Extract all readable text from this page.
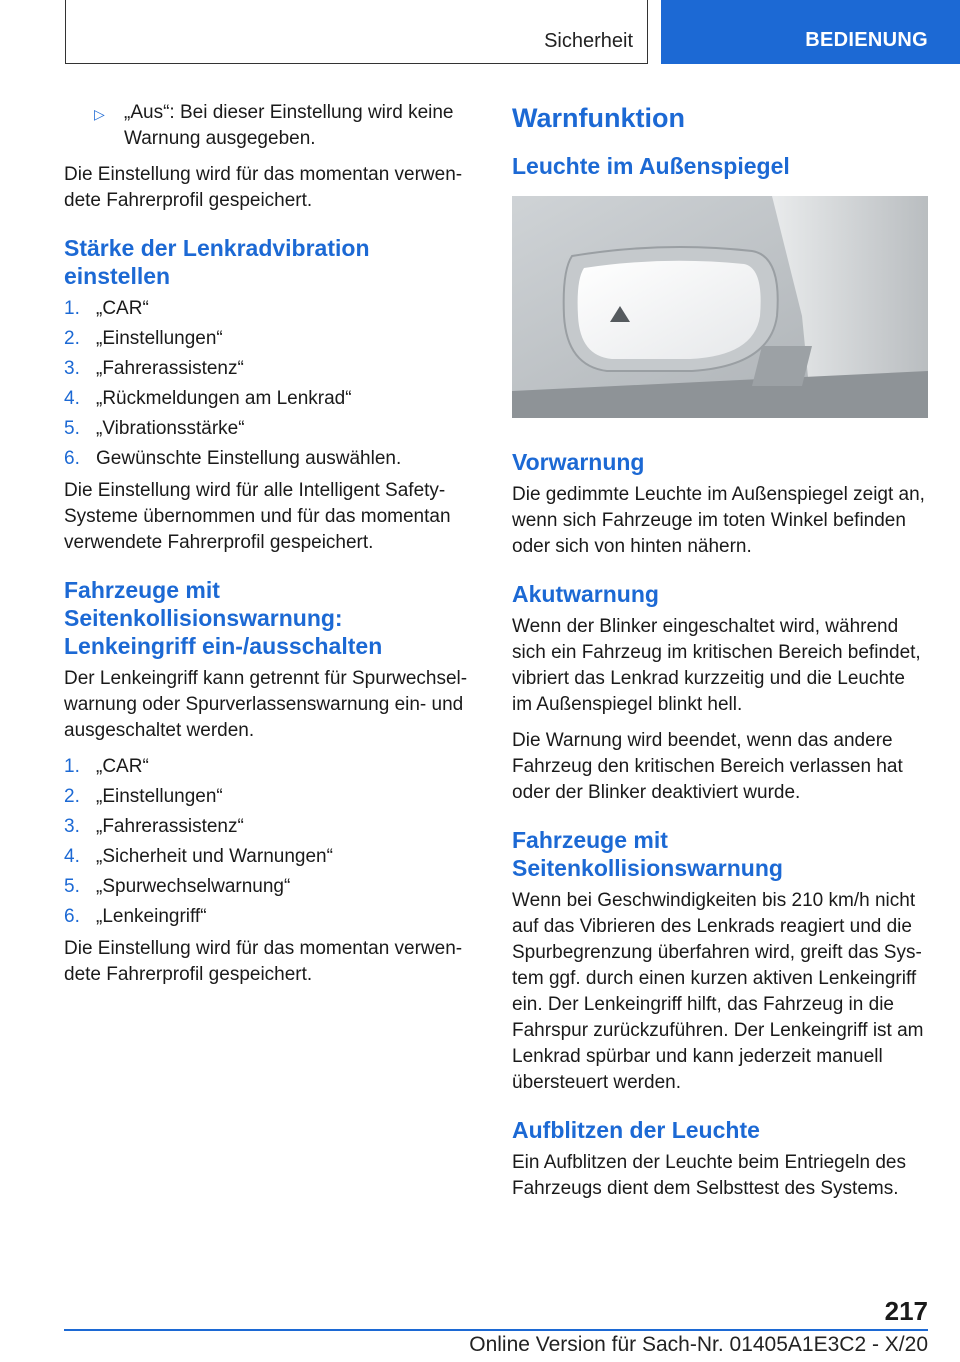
Sicherheit	BEDIENUNG

▷ „Aus“: Bei dieser Einstellung wird keine Warnung ausgegeben.

Die Einstellung wird für das momentan verwendete Fahrerprofil gespeichert.

Stärke der Lenkradvibration einstellen
1. „CAR“
2. „Einstellungen“
3. „Fahrerassistenz“
4. „Rückmeldungen am Lenkrad“
5. „Vibrationsstärke“
6. Gewünschte Einstellung auswählen.

Die Einstellung wird für alle Intelligent Safety-Systeme übernommen und für das momentan verwendete Fahrerprofil gespeichert.

Fahrzeuge mit Seitenkollisionswarnung: Lenkeingriff ein-/ausschalten

Der Lenkeingriff kann getrennt für Spurwechselwarnung oder Spurverlassenswarnung ein- und ausgeschaltet werden.

1. „CAR“
2. „Einstellungen“
3. „Fahrerassistenz“
4. „Sicherheit und Warnungen“
5. „Spurwechselwarnung“
6. „Lenkeingriff“

Die Einstellung wird für das momentan verwendete Fahrerprofil gespeichert.

Warnfunktion
Leuchte im Außenspiegel
Vorwarnung

Die gedimmte Leuchte im Außenspiegel zeigt an, wenn sich Fahrzeuge im toten Winkel befinden oder sich von hinten nähern.

Akutwarnung

Wenn der Blinker eingeschaltet wird, während sich ein Fahrzeug im kritischen Bereich befindet, vibriert das Lenkrad kurzzeitig und die Leuchte im Außenspiegel blinkt hell.

Die Warnung wird beendet, wenn das andere Fahrzeug den kritischen Bereich verlassen hat oder der Blinker deaktiviert wurde.

Fahrzeuge mit Seitenkollisionswarnung

Wenn bei Geschwindigkeiten bis 210 km/h nicht auf das Vibrieren des Lenkrads reagiert und die Spurbegrenzung überfahren wird, greift das System ggf. durch einen kurzen aktiven Lenkeingriff ein. Der Lenkeingriff hilft, das Fahrzeug in die Fahrspur zurückzuführen. Der Lenkeingriff ist am Lenkrad spürbar und kann jederzeit manuell übersteuert werden.

Aufblitzen der Leuchte

Ein Aufblitzen der Leuchte beim Entriegeln des Fahrzeugs dient dem Selbsttest des Systems.

217
Online Version für Sach-Nr. 01405A1E3C2 - X/20
